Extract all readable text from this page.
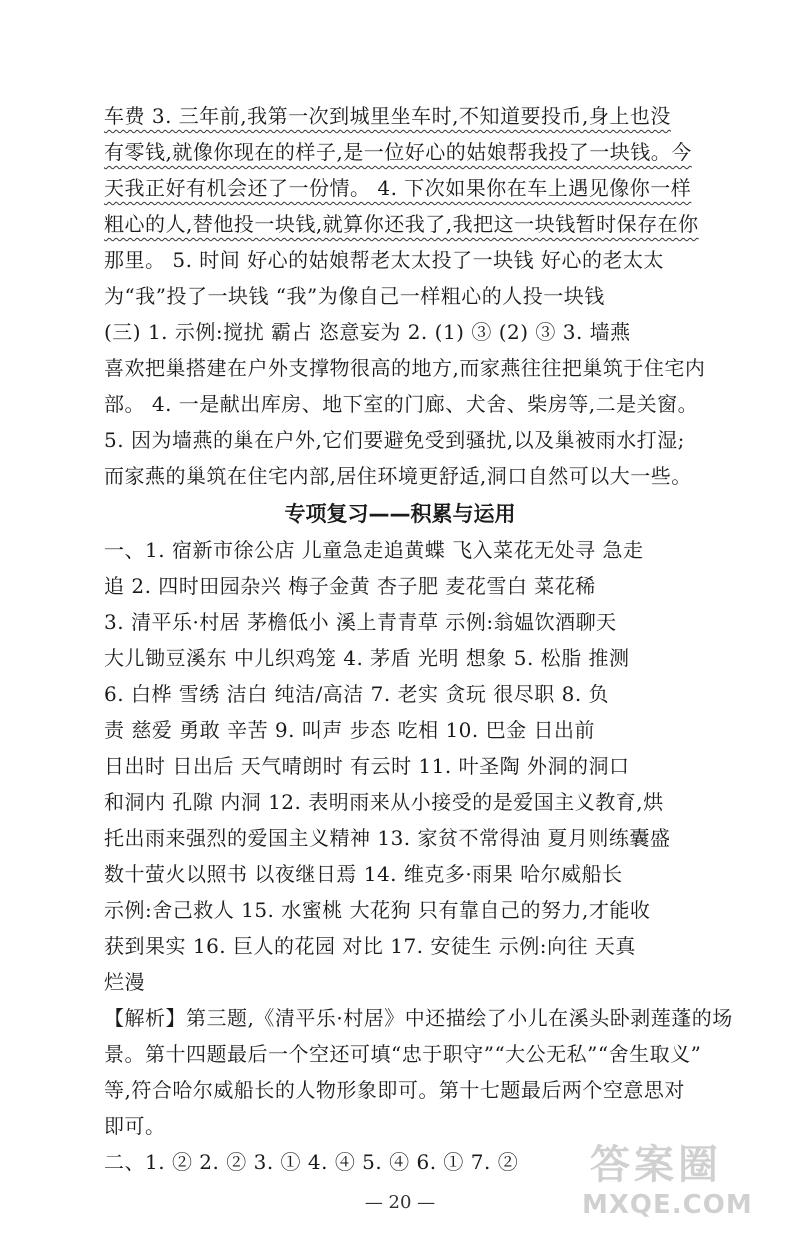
车费 3. 三年前,我第一次到城里坐车时,不知道要投币,身上也没
有零钱,就像你现在的样子,是一位好心的姑娘帮我投了一块钱。今
天我正好有机会还了一份情。 4. 下次如果你在车上遇见像你一样
粗心的人,替他投一块钱,就算你还我了,我把这一块钱暂时保存在你
那里。 5. 时间 好心的姑娘帮老太太投了一块钱 好心的老太太
为“我”投了一块钱 “我”为像自己一样粗心的人投一块钱
(三) 1. 示例:搅扰 霸占 恣意妄为 2. (1) ③ (2) ③ 3. 墙燕
喜欢把巢搭建在户外支撑物很高的地方,而家燕往往把巢筑于住宅内
部。 4. 一是献出库房、地下室的门廊、犬舍、柴房等,二是关窗。
5. 因为墙燕的巢在户外,它们要避免受到骚扰,以及巢被雨水打湿;
而家燕的巢筑在住宅内部,居住环境更舒适,洞口自然可以大一些。
专项复习——积累与运用
一、1. 宿新市徐公店 儿童急走追黄蝶 飞入菜花无处寻 急走
追 2. 四时田园杂兴 梅子金黄 杏子肥 麦花雪白 菜花稀
3. 清平乐·村居 茅檐低小 溪上青青草 示例:翁媪饮酒聊天
大儿锄豆溪东 中儿织鸡笼 4. 茅盾 光明 想象 5. 松脂 推测
6. 白桦 雪绣 洁白 纯洁/高洁 7. 老实 贪玩 很尽职 8. 负
责 慈爱 勇敢 辛苦 9. 叫声 步态 吃相 10. 巴金 日出前
日出时 日出后 天气晴朗时 有云时 11. 叶圣陶 外洞的洞口
和洞内 孔隙 内洞 12. 表明雨来从小接受的是爱国主义教育,烘
托出雨来强烈的爱国主义精神 13. 家贫不常得油 夏月则练囊盛
数十萤火以照书 以夜继日焉 14. 维克多·雨果 哈尔威船长
示例:舍己救人 15. 水蜜桃 大花狗 只有靠自己的努力,才能收
获到果实 16. 巨人的花园 对比 17. 安徒生 示例:向往 天真
烂漫
【解析】第三题,《清平乐·村居》中还描绘了小儿在溪头卧剥莲蓬的场
景。第十四题最后一个空还可填“忠于职守”“大公无私”“舍生取义”
等,符合哈尔威船长的人物形象即可。第十七题最后两个空意思对
即可。
二、1. ② 2. ② 3. ① 4. ④ 5. ④ 6. ① 7. ②
— 20 —
答案圈
MXQE.COM
